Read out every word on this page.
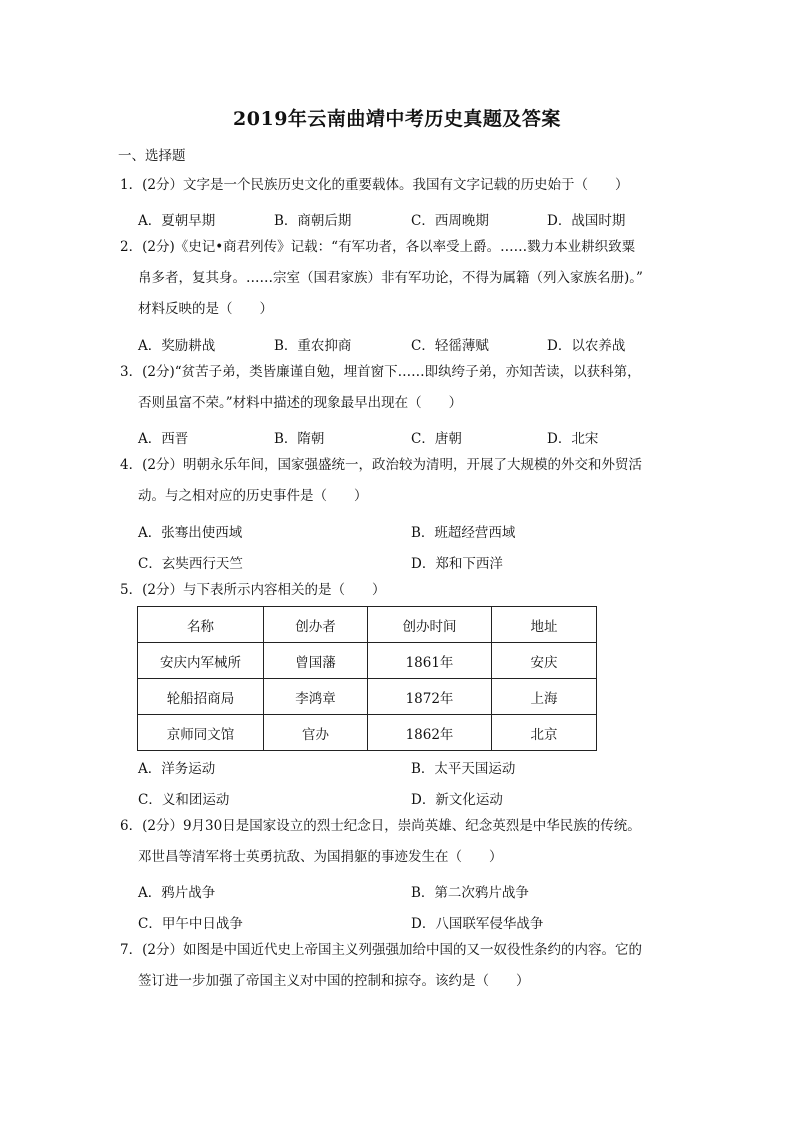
2019年云南曲靖中考历史真题及答案
一、选择题
1．(2分）文字是一个民族历史文化的重要载体。我国有文字记载的历史始于（　　）
A．夏朝早期	B．商朝后期	C．西周晚期	D．战国时期
2．(2分)《史记•商君列传》记载：“有军功者，各以率受上爵。……戮力本业耕织致粟
帛多者，复其身。……宗室（国君家族）非有军功论，不得为属籍（列入家族名册)。”
材料反映的是（　　）
A．奖励耕战	B．重农抑商	C．轻徭薄赋	D．以农养战
3．(2分)“贫苦子弟，类皆廉谨自勉，埋首窗下……即纨绔子弟，亦知苦读，以获科第，
否则虽富不荣。”材料中描述的现象最早出现在（　　）
A．西晋	B．隋朝	C．唐朝	D．北宋
4．(2分）明朝永乐年间，国家强盛统一，政治较为清明，开展了大规模的外交和外贸活
动。与之相对应的历史事件是（　　）
A．张骞出使西域	B．班超经营西域
C．玄奘西行天竺	D．郑和下西洋
5．(2分）与下表所示内容相关的是（　　）
名称	创办者	创办时间	地址
安庆内军械所	曾国藩	1861年	安庆
轮船招商局	李鸿章	1872年	上海
京师同文馆	官办	1862年	北京
A．洋务运动	B．太平天国运动
C．义和团运动	D．新文化运动
6．(2分）9月30日是国家设立的烈士纪念日，崇尚英雄、纪念英烈是中华民族的传统。
邓世昌等清军将士英勇抗敌、为国捐躯的事迹发生在（　　）
A．鸦片战争	B．第二次鸦片战争
C．甲午中日战争	D．八国联军侵华战争
7．(2分）如图是中国近代史上帝国主义列强强加给中国的又一奴役性条约的内容。它的
签订进一步加强了帝国主义对中国的控制和掠夺。该约是（　　）
